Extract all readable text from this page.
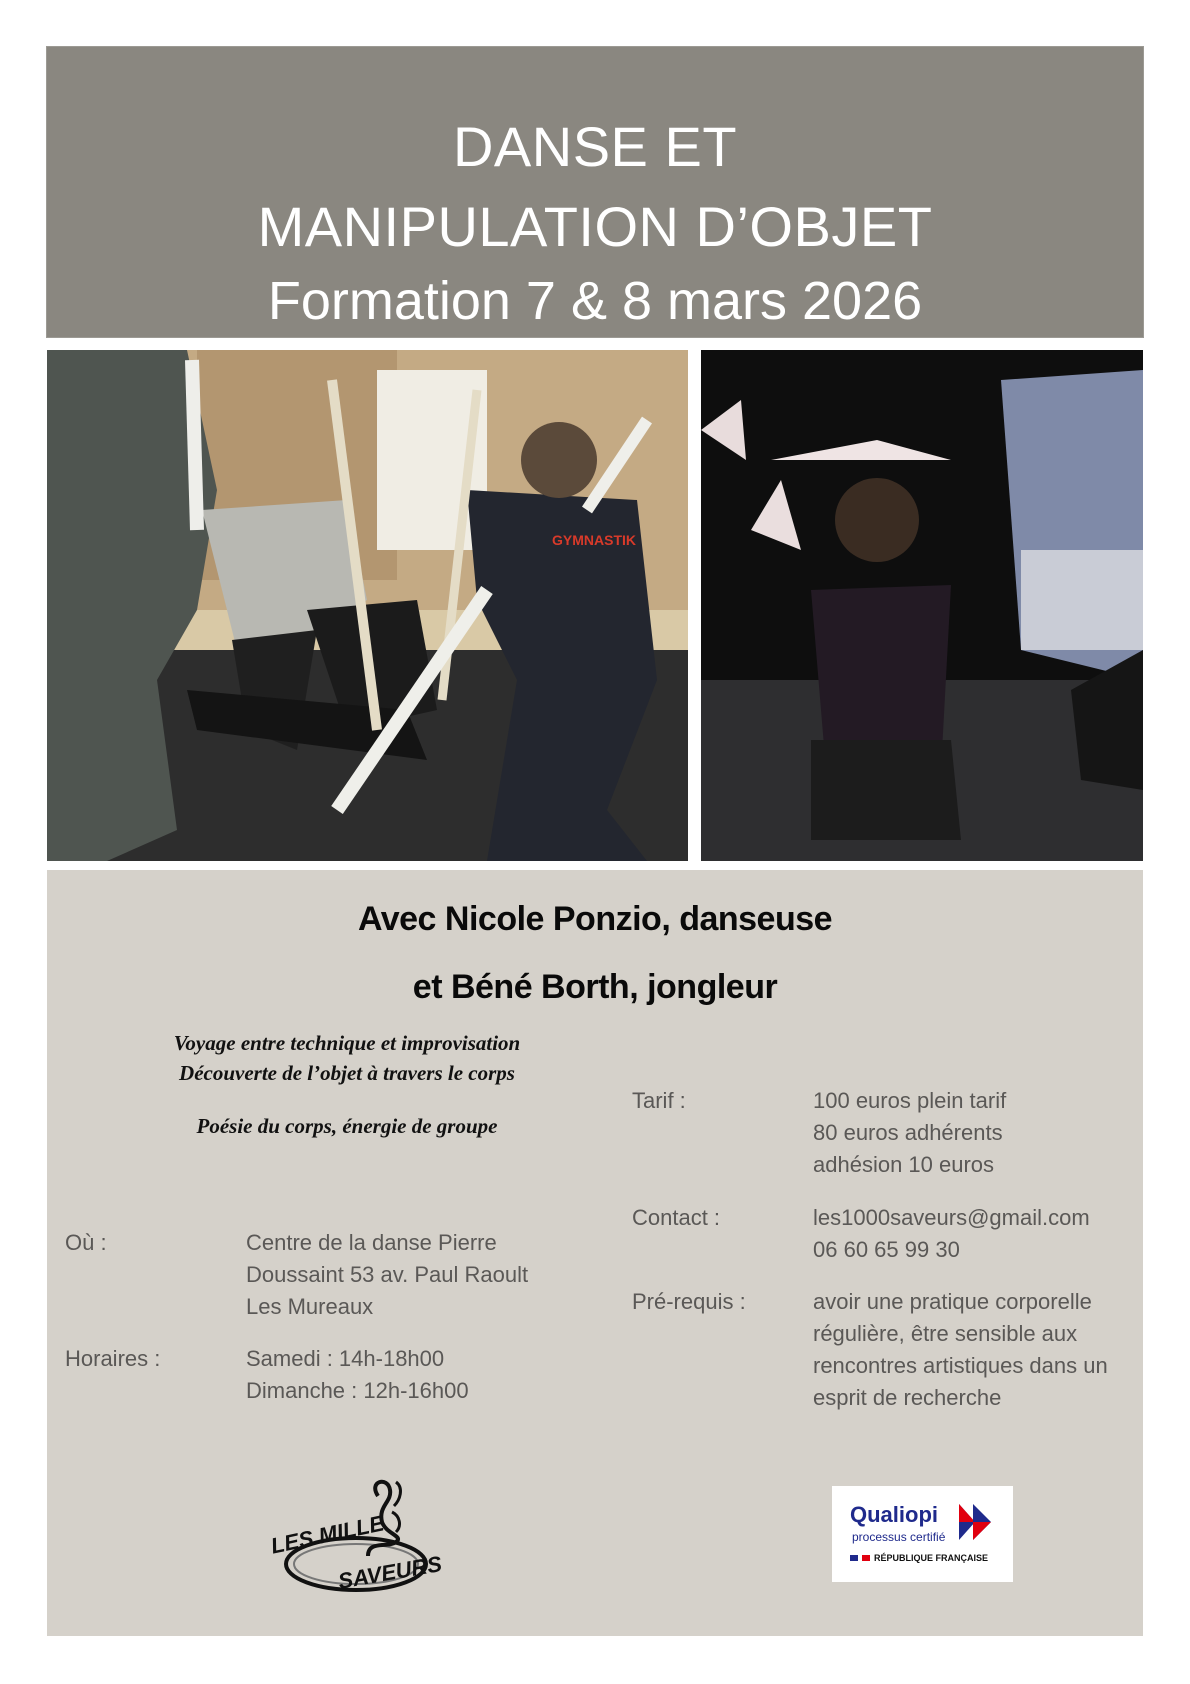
DANSE ET
MANIPULATION D’OBJET
Formation 7 & 8 mars 2026
GYMNASTIK
Avec Nicole Ponzio, danseuse
et Béné Borth, jongleur
Voyage entre technique et improvisation
Découverte de l’objet à travers le corps
Poésie du corps, énergie de groupe
Où :	Centre de la danse Pierre
Doussaint 53 av. Paul Raoult
Les Mureaux
Horaires :	Samedi : 14h-18h00
Dimanche : 12h-16h00
Tarif :	100 euros plein tarif
80 euros adhérents
adhésion 10 euros
Contact :	les1000saveurs@gmail.com
06 60 65 99 30
Pré-requis :	avoir une pratique corporelle
régulière, être sensible aux
rencontres artistiques dans un
esprit de recherche
LES MILLE
SAVEURS
Qualiopi
processus certifié
RÉPUBLIQUE FRANÇAISE
